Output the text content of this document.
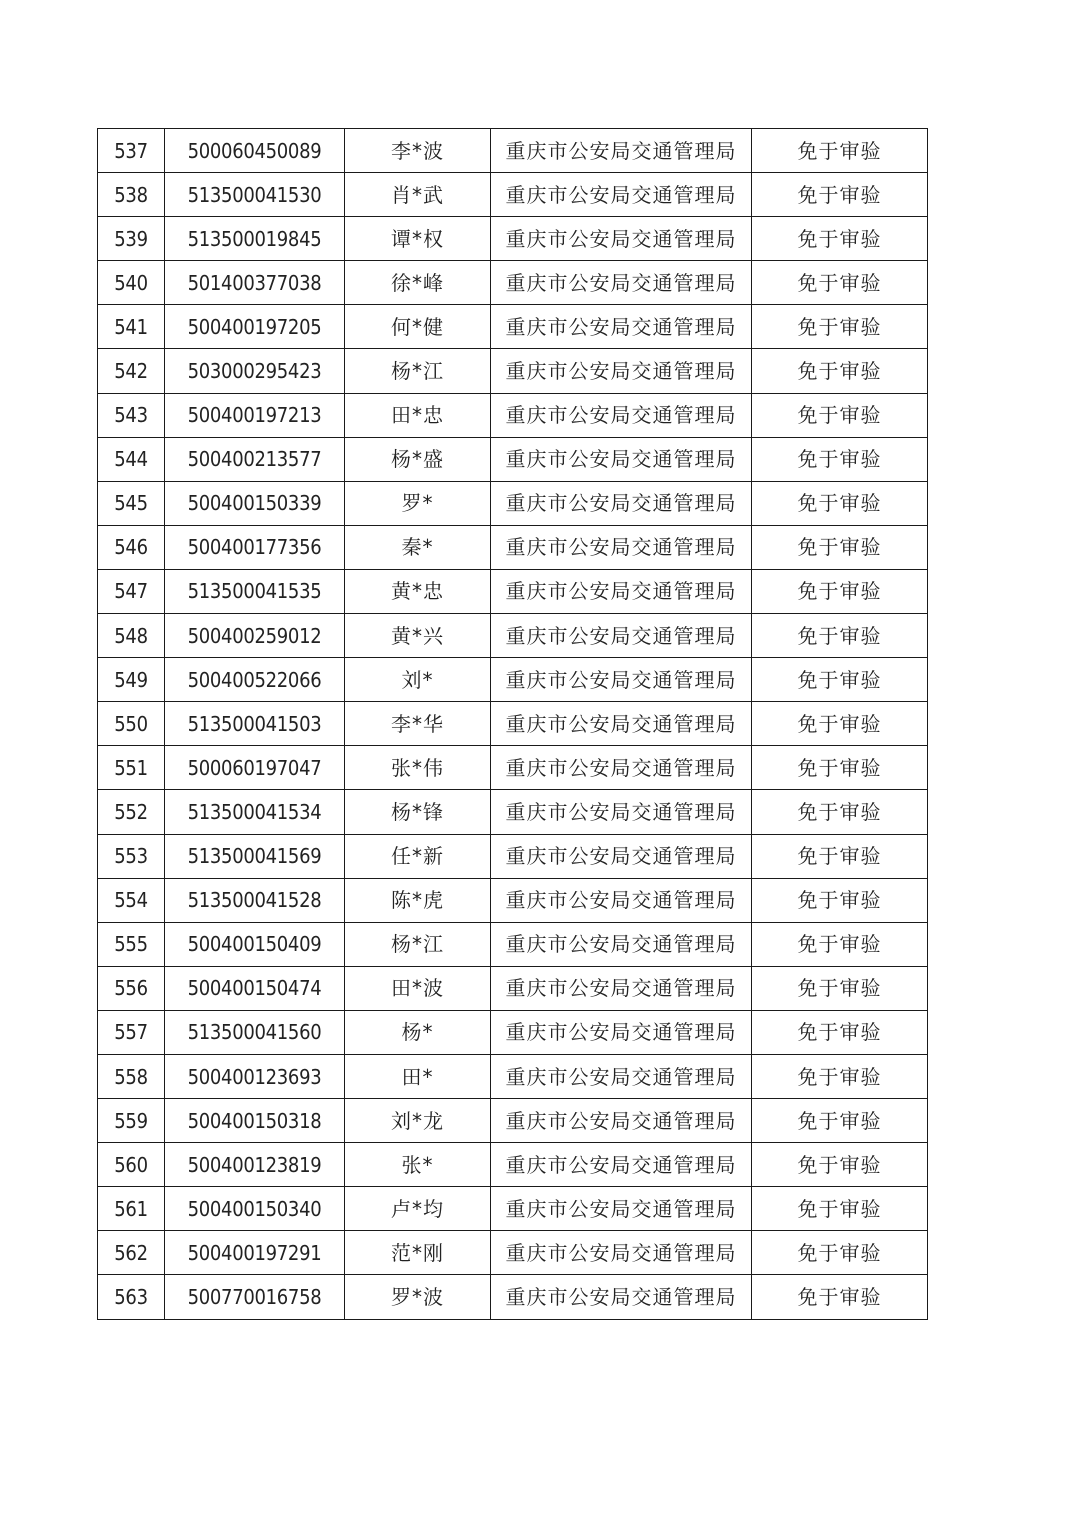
537	500060450089	李*波	重庆市公安局交通管理局	免于审验
538	513500041530	肖*武	重庆市公安局交通管理局	免于审验
539	513500019845	谭*权	重庆市公安局交通管理局	免于审验
540	501400377038	徐*峰	重庆市公安局交通管理局	免于审验
541	500400197205	何*健	重庆市公安局交通管理局	免于审验
542	503000295423	杨*江	重庆市公安局交通管理局	免于审验
543	500400197213	田*忠	重庆市公安局交通管理局	免于审验
544	500400213577	杨*盛	重庆市公安局交通管理局	免于审验
545	500400150339	罗*	重庆市公安局交通管理局	免于审验
546	500400177356	秦*	重庆市公安局交通管理局	免于审验
547	513500041535	黄*忠	重庆市公安局交通管理局	免于审验
548	500400259012	黄*兴	重庆市公安局交通管理局	免于审验
549	500400522066	刘*	重庆市公安局交通管理局	免于审验
550	513500041503	李*华	重庆市公安局交通管理局	免于审验
551	500060197047	张*伟	重庆市公安局交通管理局	免于审验
552	513500041534	杨*锋	重庆市公安局交通管理局	免于审验
553	513500041569	任*新	重庆市公安局交通管理局	免于审验
554	513500041528	陈*虎	重庆市公安局交通管理局	免于审验
555	500400150409	杨*江	重庆市公安局交通管理局	免于审验
556	500400150474	田*波	重庆市公安局交通管理局	免于审验
557	513500041560	杨*	重庆市公安局交通管理局	免于审验
558	500400123693	田*	重庆市公安局交通管理局	免于审验
559	500400150318	刘*龙	重庆市公安局交通管理局	免于审验
560	500400123819	张*	重庆市公安局交通管理局	免于审验
561	500400150340	卢*均	重庆市公安局交通管理局	免于审验
562	500400197291	范*刚	重庆市公安局交通管理局	免于审验
563	500770016758	罗*波	重庆市公安局交通管理局	免于审验
